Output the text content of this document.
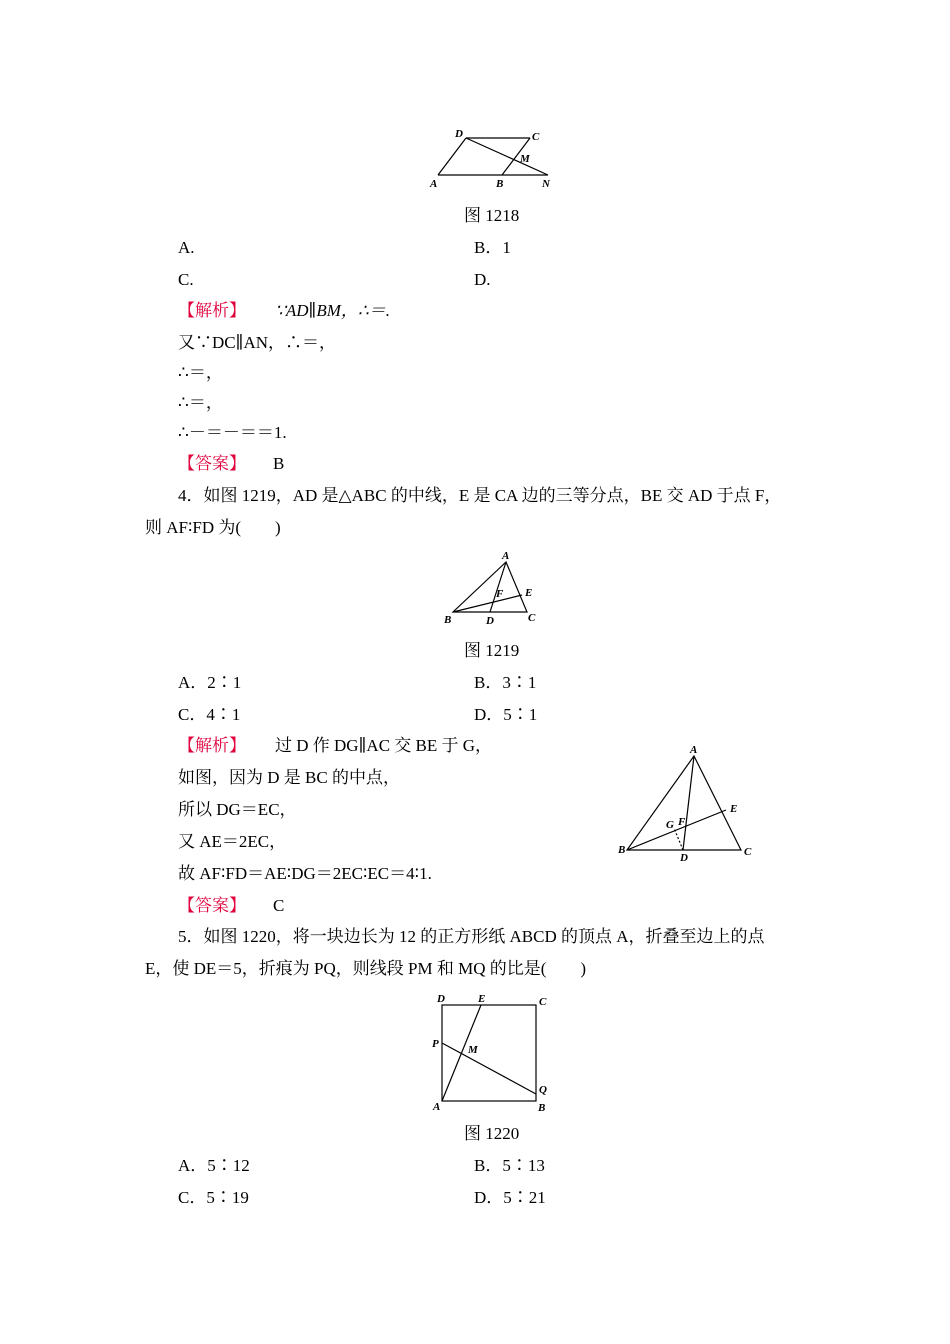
D	C
M
A	B	N
图 1218
A.	B．1
C.	D.
【解析】 ∵AD∥BM，∴＝.
又∵DC∥AN，∴＝，
∴＝，
∴＝，
∴－＝－＝＝1.
【答案】 B
4．如图 1219，AD 是△ABC 的中线，E 是 CA 边的三等分点，BE 交 AD 于点 F，
则 AF∶FD 为(　　)
A
E
F
B	D	C
图 1219
A．2∶1	B．3∶1
C．4∶1	D．5∶1
【解析】 过 D 作 DG∥AC 交 BE 于 G，
如图，因为 D 是 BC 的中点，
所以 DG＝EC，
又 AE＝2EC，
故 AF∶FD＝AE∶DG＝2EC∶EC＝4∶1.
A
E
G F
B
D	C
【答案】 C
5．如图 1220，将一块边长为 12 的正方形纸 ABCD 的顶点 A，折叠至边上的点
E，使 DE＝5，折痕为 PQ，则线段 PM 和 MQ 的比是(　　)
D	E	C
P	M
Q
A	B
图 1220
A．5∶12	B．5∶13
C．5∶19	D．5∶21
